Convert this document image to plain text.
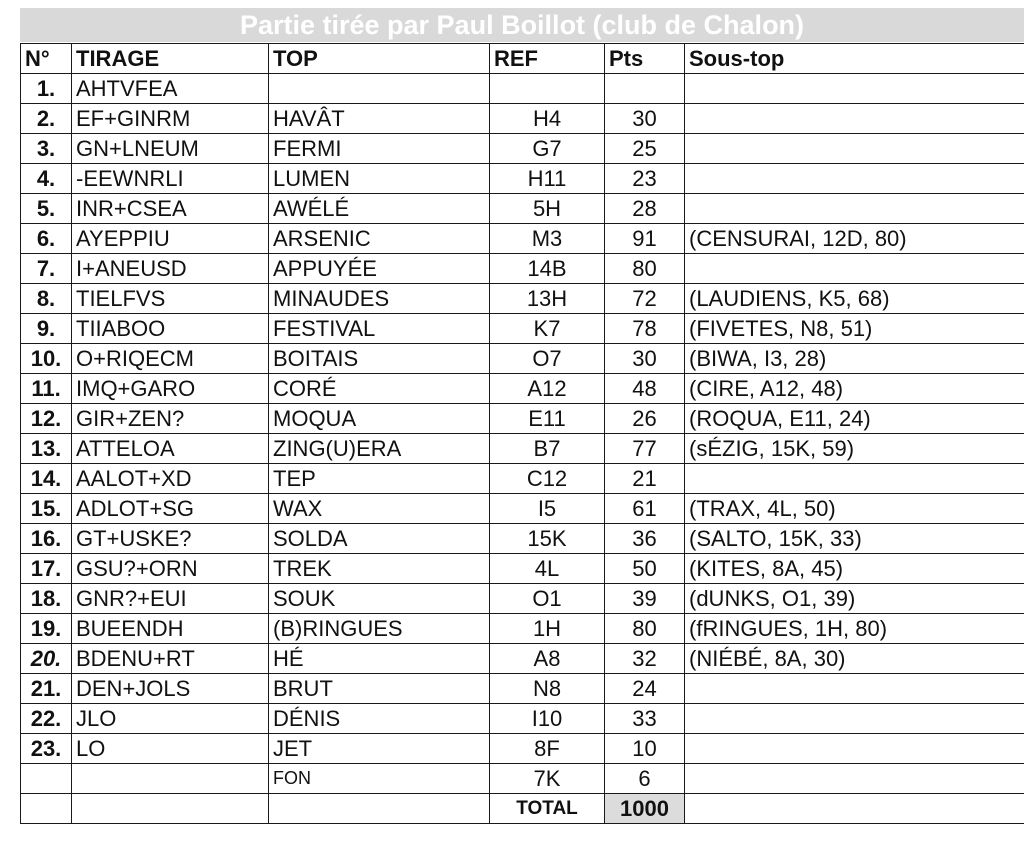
Partie tirée par Paul Boillot (club de Chalon)
N°	TIRAGE	TOP	REF	Pts	Sous-top
1.	AHTVFEA				
2.	EF+GINRM	HAVÂT	H4	30	
3.	GN+LNEUM	FERMI	G7	25	
4.	-EEWNRLI	LUMEN	H11	23	
5.	INR+CSEA	AWÉLÉ	5H	28	
6.	AYEPPIU	ARSENIC	M3	91	(CENSURAI, 12D, 80)
7.	I+ANEUSD	APPUYÉE	14B	80	
8.	TIELFVS	MINAUDES	13H	72	(LAUDIENS, K5, 68)
9.	TIIABOO	FESTIVAL	K7	78	(FIVETES, N8, 51)
10.	O+RIQECM	BOITAIS	O7	30	(BIWA, I3, 28)
11.	IMQ+GARO	CORÉ	A12	48	(CIRE, A12, 48)
12.	GIR+ZEN?	MOQUA	E11	26	(ROQUA, E11, 24)
13.	ATTELOA	ZING(U)ERA	B7	77	(sÉZIG, 15K, 59)
14.	AALOT+XD	TEP	C12	21	
15.	ADLOT+SG	WAX	I5	61	(TRAX, 4L, 50)
16.	GT+USKE?	SOLDA	15K	36	(SALTO, 15K, 33)
17.	GSU?+ORN	TREK	4L	50	(KITES, 8A, 45)
18.	GNR?+EUI	SOUK	O1	39	(dUNKS, O1, 39)
19.	BUEENDH	(B)RINGUES	1H	80	(fRINGUES, 1H, 80)
20.	BDENU+RT	HÉ	A8	32	(NIÉBÉ, 8A, 30)
21.	DEN+JOLS	BRUT	N8	24	
22.	JLO	DÉNIS	I10	33	
23.	LO	JET	8F	10	
		FON	7K	6	
			TOTAL	1000	
